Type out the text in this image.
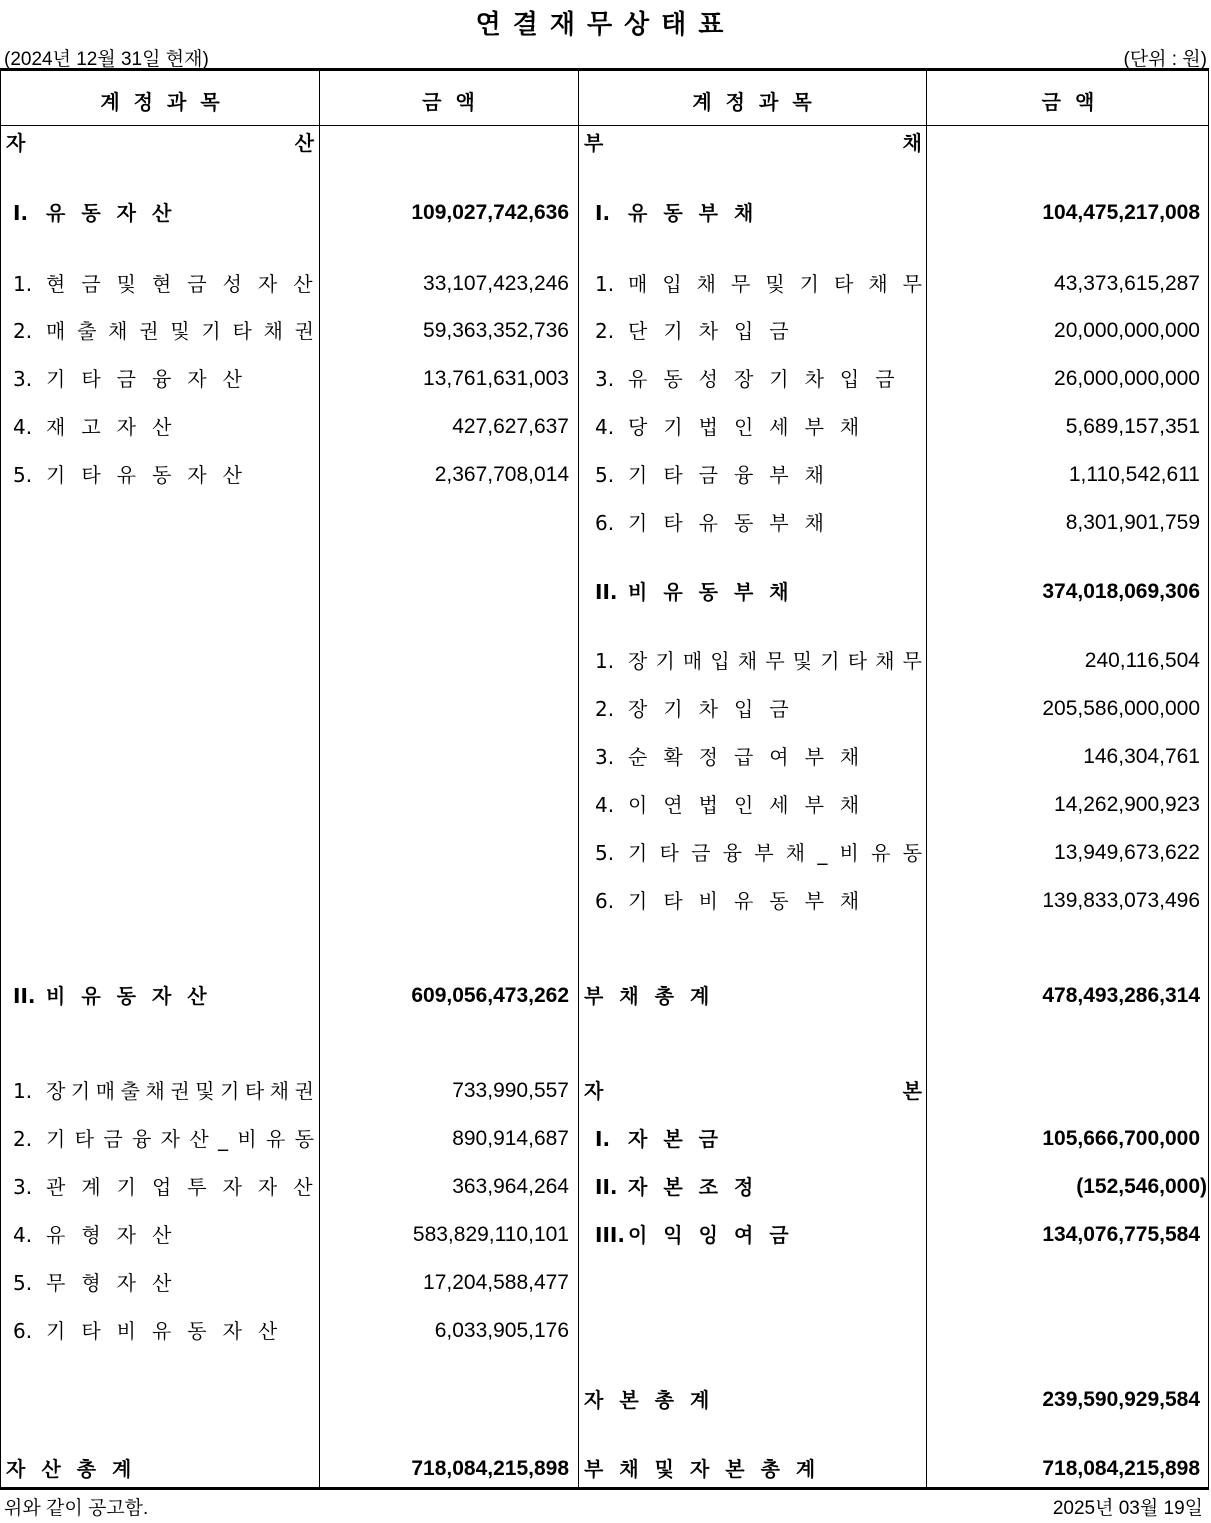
연결재무상태표
(2024년 12월 31일 현재)	(단위 : 원)
계 정 과 목	금 액	계 정 과 목	금 액
위와 같이 공고함.	2025년 03월 19일
자	산	부	채
I. 유동자산	109,027,742,636 I. 유동부채	104,475,217,008
1. 현금및현금성자산	33,107,423,246 1. 매입채무및기타채무	43,373,615,287
2. 매출채권및기타채권	59,363,352,736 2. 단기차입금	20,000,000,000
3. 기타금융자산	13,761,631,003 3. 유동성장기차입금	26,000,000,000
4. 재고자산	427,627,637 4. 당기법인세부채	5,689,157,351
5. 기타유동자산	2,367,708,014 5. 기타금융부채	1,110,542,611
6. 기타유동부채	8,301,901,759
II. 비유동부채	374,018,069,306
1. 장기매입채무및기타채무	240,116,504
2. 장기차입금	205,586,000,000
3. 순확정급여부채	146,304,761
4. 이연법인세부채	14,262,900,923
5. 기타금융부채_비유동	13,949,673,622
6. 기타비유동부채	139,833,073,496
II. 비유동자산	609,056,473,262 부채총계	478,493,286,314
1. 장기매출채권및기타채권	733,990,557 자	본
2. 기타금융자산_비유동	890,914,687 I. 자본금	105,666,700,000
3. 관계기업투자자산	363,964,264 II. 자본조정	(152,546,000)
4. 유형자산	583,829,110,101 III. 이익잉여금	134,076,775,584
5. 무형자산	17,204,588,477
6. 기타비유동자산	6,033,905,176
자본총계	239,590,929,584
자산총계	718,084,215,898 부채및자본총계	718,084,215,898
